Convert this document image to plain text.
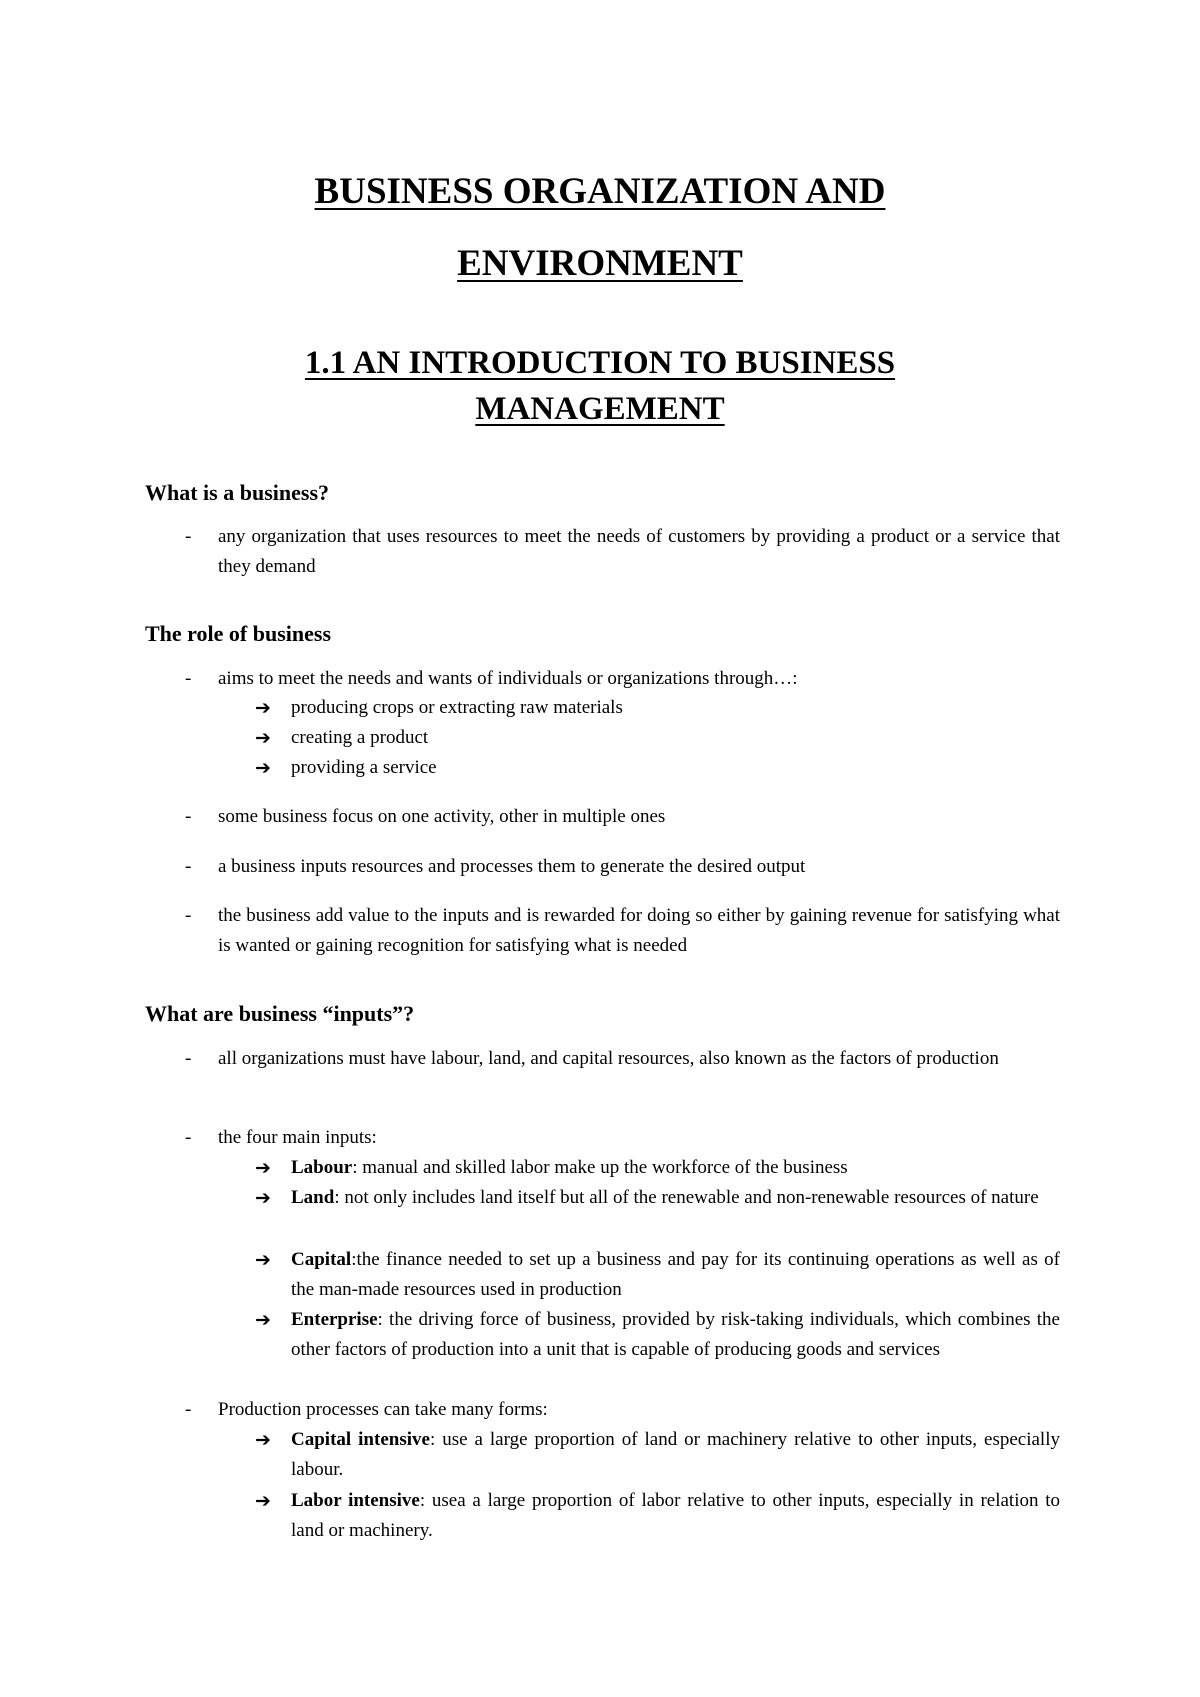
BUSINESS ORGANIZATION AND
ENVIRONMENT
1.1 AN INTRODUCTION TO BUSINESS
MANAGEMENT
What is a business?
- any organization that uses resources to meet the needs of customers by providing a product or a service that they demand
The role of business
- aims to meet the needs and wants of individuals or organizations through…:
➔ producing crops or extracting raw materials
➔ creating a product
➔ providing a service
- some business focus on one activity, other in multiple ones
- a business inputs resources and processes them to generate the desired output
- the business add value to the inputs and is rewarded for doing so either by gaining revenue for satisfying what is wanted or gaining recognition for satisfying what is needed
What are business “inputs”?
- all organizations must have labour, land, and capital resources, also known as the factors of production
- the four main inputs:
➔ Labour: manual and skilled labor make up the workforce of the business
➔ Land: not only includes land itself but all of the renewable and non-renewable resources of nature
➔ Capital:the finance needed to set up a business and pay for its continuing operations as well as of the man-made resources used in production
➔ Enterprise: the driving force of business, provided by risk-taking individuals, which combines the other factors of production into a unit that is capable of producing goods and services
- Production processes can take many forms:
➔ Capital intensive: use a large proportion of land or machinery relative to other inputs, especially labour.
➔ Labor intensive: usea a large proportion of labor relative to other inputs, especially in relation to land or machinery.
